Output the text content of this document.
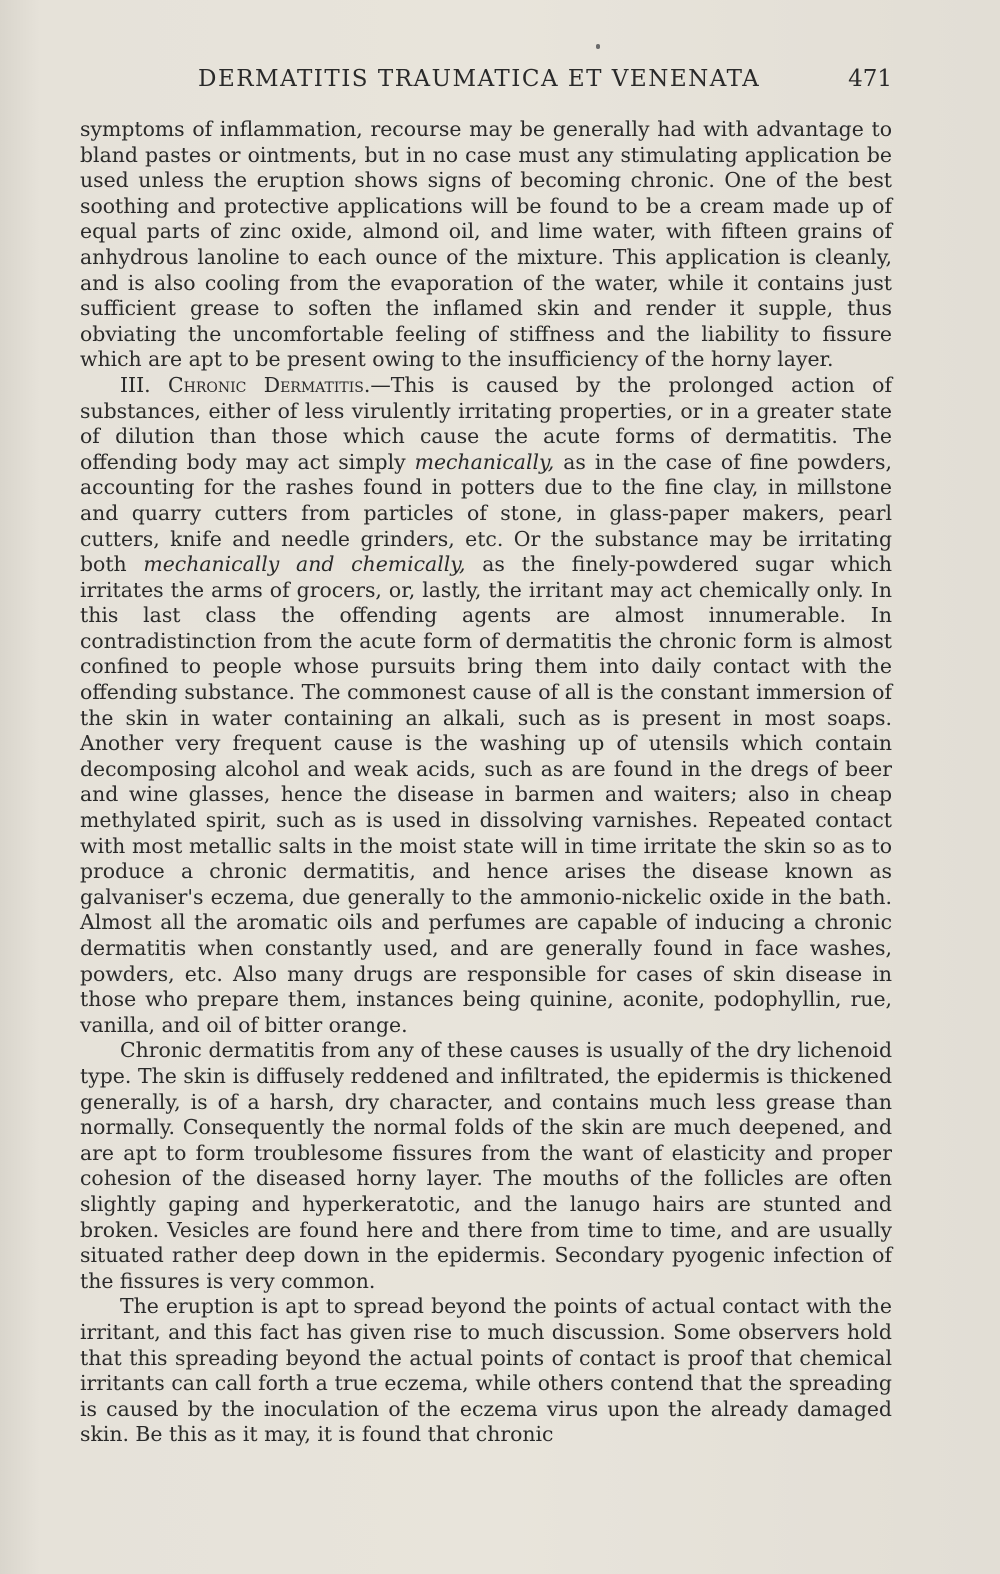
DERMATITIS TRAUMATICA ET VENENATA	471

symptoms of inflammation, recourse may be generally had with advantage to bland pastes or ointments, but in no case must any stimulating application be used unless the eruption shows signs of becoming chronic. One of the best soothing and protective applications will be found to be a cream made up of equal parts of zinc oxide, almond oil, and lime water, with fifteen grains of anhydrous lanoline to each ounce of the mixture. This application is cleanly, and is also cooling from the evaporation of the water, while it contains just sufficient grease to soften the inflamed skin and render it supple, thus obviating the uncomfortable feeling of stiffness and the liability to fissure which are apt to be present owing to the insufficiency of the horny layer.

III. Chronic Dermatitis.—This is caused by the prolonged action of substances, either of less virulently irritating properties, or in a greater state of dilution than those which cause the acute forms of dermatitis. The offending body may act simply mechanically, as in the case of fine powders, accounting for the rashes found in potters due to the fine clay, in millstone and quarry cutters from particles of stone, in glass-paper makers, pearl cutters, knife and needle grinders, etc. Or the substance may be irritating both mechanically and chemically, as the finely-powdered sugar which irritates the arms of grocers, or, lastly, the irritant may act chemically only. In this last class the offending agents are almost innumerable. In contradistinction from the acute form of dermatitis the chronic form is almost confined to people whose pursuits bring them into daily contact with the offending substance. The commonest cause of all is the constant immersion of the skin in water containing an alkali, such as is present in most soaps. Another very frequent cause is the washing up of utensils which contain decomposing alcohol and weak acids, such as are found in the dregs of beer and wine glasses, hence the disease in barmen and waiters; also in cheap methylated spirit, such as is used in dissolving varnishes. Repeated contact with most metallic salts in the moist state will in time irritate the skin so as to produce a chronic dermatitis, and hence arises the disease known as galvaniser's eczema, due generally to the ammonio-nickelic oxide in the bath. Almost all the aromatic oils and perfumes are capable of inducing a chronic dermatitis when constantly used, and are generally found in face washes, powders, etc. Also many drugs are responsible for cases of skin disease in those who prepare them, instances being quinine, aconite, podophyllin, rue, vanilla, and oil of bitter orange.

Chronic dermatitis from any of these causes is usually of the dry lichenoid type. The skin is diffusely reddened and infiltrated, the epidermis is thickened generally, is of a harsh, dry character, and contains much less grease than normally. Consequently the normal folds of the skin are much deepened, and are apt to form troublesome fissures from the want of elasticity and proper cohesion of the diseased horny layer. The mouths of the follicles are often slightly gaping and hyperkeratotic, and the lanugo hairs are stunted and broken. Vesicles are found here and there from time to time, and are usually situated rather deep down in the epidermis. Secondary pyogenic infection of the fissures is very common.

The eruption is apt to spread beyond the points of actual contact with the irritant, and this fact has given rise to much discussion. Some observers hold that this spreading beyond the actual points of contact is proof that chemical irritants can call forth a true eczema, while others contend that the spreading is caused by the inoculation of the eczema virus upon the already damaged skin. Be this as it may, it is found that chronic
